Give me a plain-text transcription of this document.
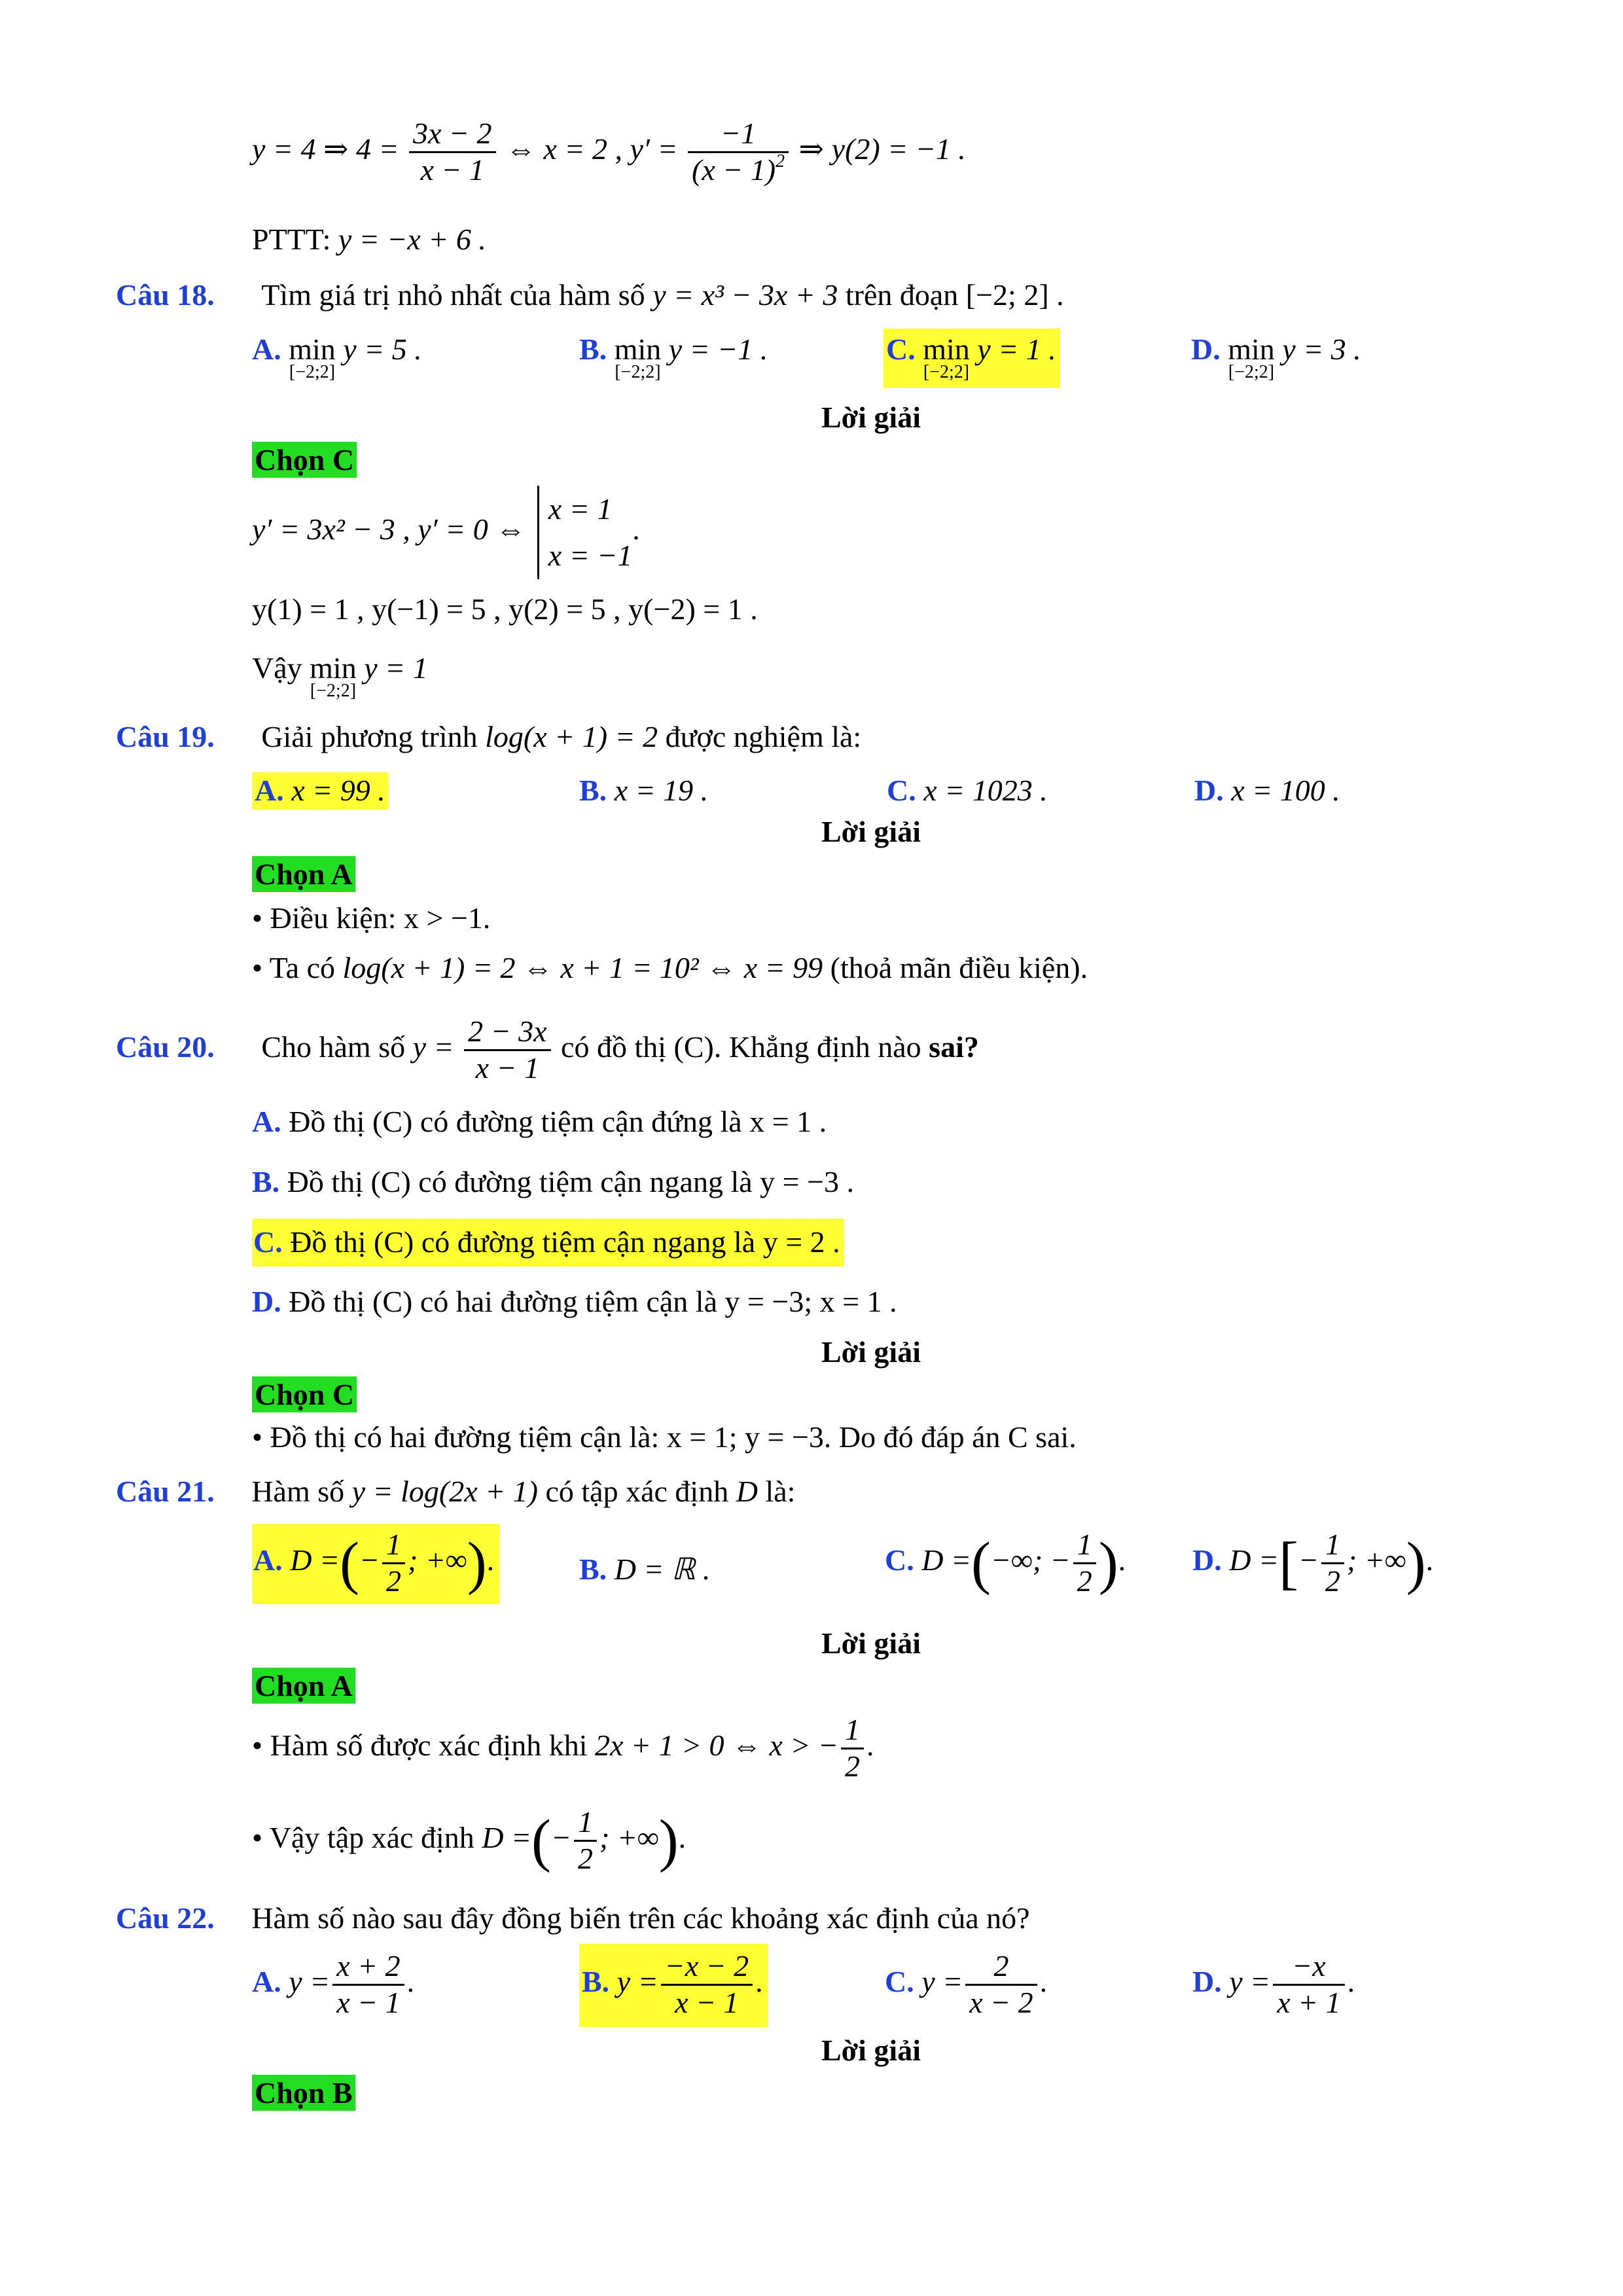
y = 4 ⇒ $4 = \frac{3x - 2}{x - 1}$ ⇔ x = 2 , $y' = \frac{-1}{(x - 1)^2}$ ⇒ y(2) = −1 .
PTTT: y = −x + 6 .
Câu 18. Tìm giá trị nhỏ nhất của hàm số y = x³ − 3x + 3 trên đoạn [−2; 2] .
A. min
[−2;2]
y = 5 .	B. min
[−2;2]
y = −1 .	C. min
[−2;2]
y = 1 .	D. min
[−2;2]
y = 3 .
Lời giải
Chọn C
y′ = 3x² − 3 , y′ = 0 ⇔
x = 1
x = −1
.
y(1) = 1 , y(−1) = 5 , y(2) = 5 , y(−2) = 1 .
Vậy min
[−2;2]
y = 1
Câu 19. Giải phương trình log(x + 1) = 2 được nghiệm là:
A. x = 99 .	B. x = 19 .	C. x = 1023 .	D. x = 100 .
Lời giải
Chọn A
• Điều kiện: x > −1.
• Ta có log(x + 1) = 2 ⇔ x + 1 = 10² ⇔ x = 99 (thoả mãn điều kiện).
Câu 20. Cho hàm số $y = \frac{2 - 3x}{x - 1}$ có đồ thị (C). Khẳng định nào sai?
A. Đồ thị (C) có đường tiệm cận đứng là x = 1 .
B. Đồ thị (C) có đường tiệm cận ngang là y = −3 .
C. Đồ thị (C) có đường tiệm cận ngang là y = 2 .
D. Đồ thị (C) có hai đường tiệm cận là y = −3; x = 1 .
Lời giải
Chọn C
• Đồ thị có hai đường tiệm cận là: x = 1; y = −3. Do đó đáp án C sai.
Câu 21. Hàm số y = log(2x + 1) có tập xác định D là:
A. D =(− $\frac{1}{2}$ ; +∞).	B. D = ℝ .	C. D =(−∞; − $\frac{1}{2}$ ). D. D =[− $\frac{1}{2}$ ; +∞).
Lời giải
Chọn A
• Hàm số được xác định khi 2x + 1 > 0 ⇔ x > − $\frac{1}{2}$ .
• Vậy tập xác định D =(− $\frac{1}{2}$ ; +∞).
Câu 22. Hàm số nào sau đây đồng biến trên các khoảng xác định của nó?
A. $y = \frac{x + 2}{x - 1}$ .	B. $y = \frac{-x - 2}{x - 1}$ .	C. $y = \frac{2}{x - 2}$ .	D. $y = \frac{-x}{x + 1}$ .
Lời giải
Chọn B
